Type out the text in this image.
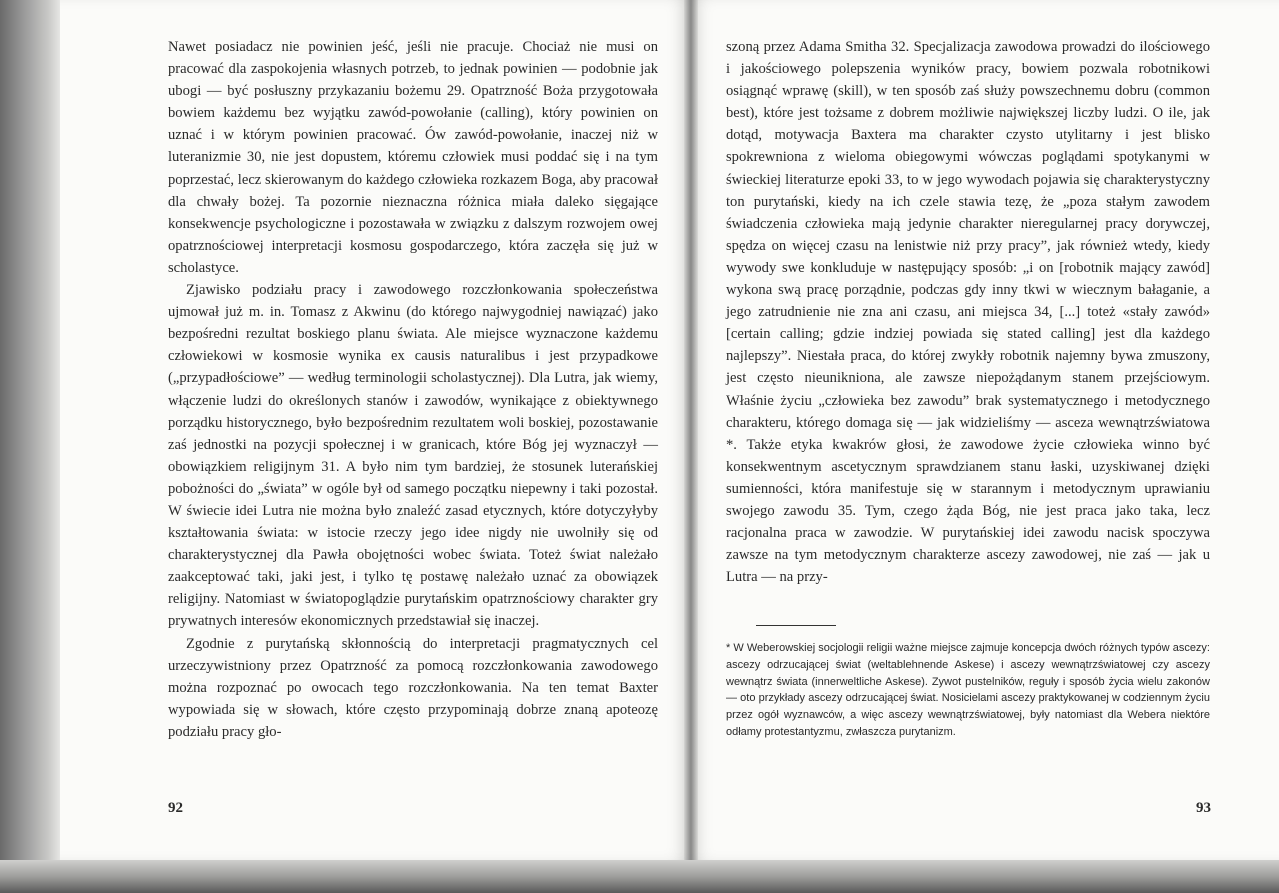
Nawet posiadacz nie powinien jeść, jeśli nie pracuje. Chociaż nie musi on pracować dla zaspokojenia własnych potrzeb, to jednak powinien — podobnie jak ubogi — być posłuszny przykazaniu bożemu 29. Opatrzność Boża przygotowała bowiem każdemu bez wyjątku zawód-powołanie (calling), który powinien on uznać i w którym powinien pracować. Ów zawód-powołanie, inaczej niż w luteranizmie 30, nie jest dopustem, któremu człowiek musi poddać się i na tym poprzestać, lecz skierowanym do każdego człowieka rozkazem Boga, aby pracował dla chwały bożej. Ta pozornie nieznaczna różnica miała daleko sięgające konsekwencje psychologiczne i pozostawała w związku z dalszym rozwojem owej opatrznościowej interpretacji kosmosu gospodarczego, która zaczęła się już w scholastyce.

Zjawisko podziału pracy i zawodowego rozczłonkowania społeczeństwa ujmował już m. in. Tomasz z Akwinu (do którego najwygodniej nawiązać) jako bezpośredni rezultat boskiego planu świata. Ale miejsce wyznaczone każdemu człowiekowi w kosmosie wynika ex causis naturalibus i jest przypadkowe („przypadłościowe” — według terminologii scholastycznej). Dla Lutra, jak wiemy, włączenie ludzi do określonych stanów i zawodów, wynikające z obiektywnego porządku historycznego, było bezpośrednim rezultatem woli boskiej, pozostawanie zaś jednostki na pozycji społecznej i w granicach, które Bóg jej wyznaczył — obowiązkiem religijnym 31. A było nim tym bardziej, że stosunek luterańskiej pobożności do „świata” w ogóle był od samego początku niepewny i taki pozostał. W świecie idei Lutra nie można było znaleźć zasad etycznych, które dotyczyłyby kształtowania świata: w istocie rzeczy jego idee nigdy nie uwolniły się od charakterystycznej dla Pawła obojętności wobec świata. Toteż świat należało zaakceptować taki, jaki jest, i tylko tę postawę należało uznać za obowiązek religijny. Natomiast w światopoglądzie purytańskim opatrznościowy charakter gry prywatnych interesów ekonomicznych przedstawiał się inaczej.

Zgodnie z purytańską skłonnością do interpretacji pragmatycznych cel urzeczywistniony przez Opatrzność za pomocą rozczłonkowania zawodowego można rozpoznać po owocach tego rozczłonkowania. Na ten temat Baxter wypowiada się w słowach, które często przypominają dobrze znaną apoteozę podziału pracy gło-

92

szoną przez Adama Smitha 32. Specjalizacja zawodowa prowadzi do ilościowego i jakościowego polepszenia wyników pracy, bowiem pozwala robotnikowi osiągnąć wprawę (skill), w ten sposób zaś służy powszechnemu dobru (common best), które jest tożsame z dobrem możliwie największej liczby ludzi. O ile, jak dotąd, motywacja Baxtera ma charakter czysto utylitarny i jest blisko spokrewniona z wieloma obiegowymi wówczas poglądami spotykanymi w świeckiej literaturze epoki 33, to w jego wywodach pojawia się charakterystyczny ton purytański, kiedy na ich czele stawia tezę, że „poza stałym zawodem świadczenia człowieka mają jedynie charakter nieregularnej pracy dorywczej, spędza on więcej czasu na lenistwie niż przy pracy”, jak również wtedy, kiedy wywody swe konkluduje w następujący sposób: „i on [robotnik mający zawód] wykona swą pracę porządnie, podczas gdy inny tkwi w wiecznym bałaganie, a jego zatrudnienie nie zna ani czasu, ani miejsca 34, [...] toteż «stały zawód» [certain calling; gdzie indziej powiada się stated calling] jest dla każdego najlepszy”. Niestała praca, do której zwykły robotnik najemny bywa zmuszony, jest często nieunikniona, ale zawsze niepożądanym stanem przejściowym. Właśnie życiu „człowieka bez zawodu” brak systematycznego i metodycznego charakteru, którego domaga się — jak widzieliśmy — asceza wewnątrzświatowa *. Także etyka kwakrów głosi, że zawodowe życie człowieka winno być konsekwentnym ascetycznym sprawdzianem stanu łaski, uzyskiwanej dzięki sumienności, która manifestuje się w starannym i metodycznym uprawianiu swojego zawodu 35. Tym, czego żąda Bóg, nie jest praca jako taka, lecz racjonalna praca w zawodzie. W purytańskiej idei zawodu nacisk spoczywa zawsze na tym metodycznym charakterze ascezy zawodowej, nie zaś — jak u Lutra — na przy-

* W Weberowskiej socjologii religii ważne miejsce zajmuje koncepcja dwóch różnych typów ascezy: ascezy odrzucającej świat (weltablehnende Askese) i ascezy wewnątrzświatowej czy ascezy wewnątrz świata (innerweltliche Askese). Zywot pustelników, reguły i sposób życia wielu zakonów — oto przykłady ascezy odrzucającej świat. Nosicielami ascezy praktykowanej w codziennym życiu przez ogół wyznawców, a więc ascezy wewnątrzświatowej, były natomiast dla Webera niektóre odłamy protestantyzmu, zwłaszcza purytanizm.
93
